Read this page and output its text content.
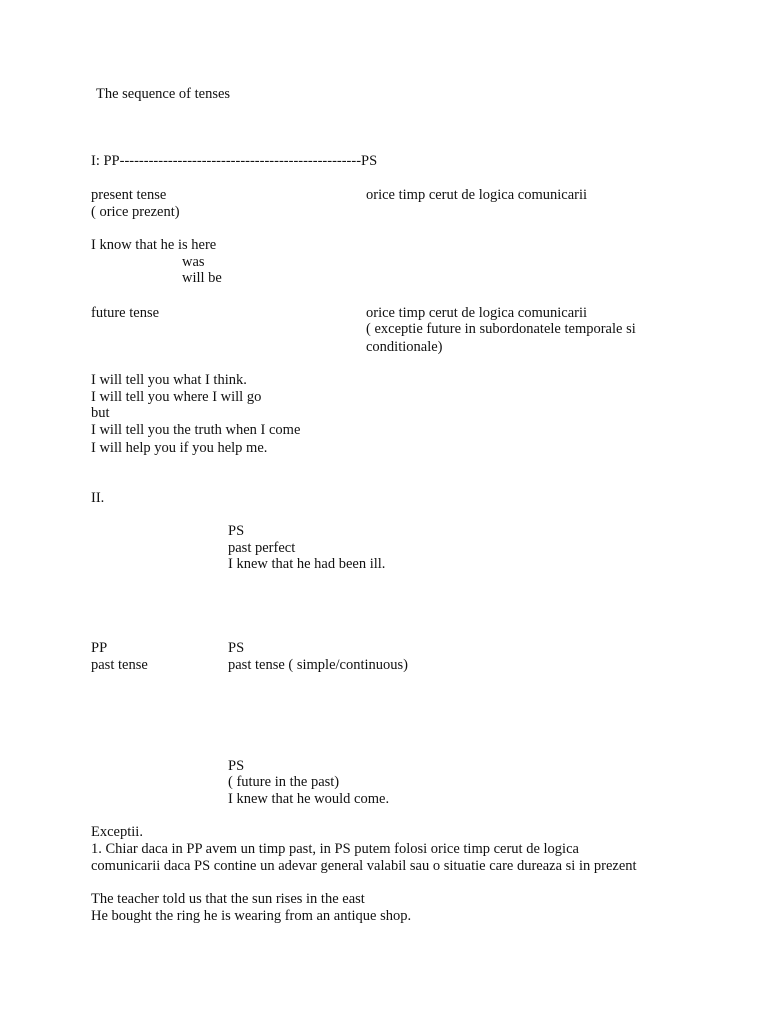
The sequence of tenses
I: PP--------------------------------------------------PS
present tense
( orice prezent)
orice timp cerut de logica comunicarii
I know that he is here
was
will be
future tense	orice timp cerut de logica comunicarii
( exceptie future in subordonatele temporale si
conditionale)
I will tell you what I think.
I will tell you where I will go
but
I will tell you the truth when I come
I will help you if you help me.
II.
PS
past perfect
I knew that he had been ill.
PP
past tense
PS
past tense ( simple/continuous)
PS
( future in the past)
I knew that he would come.
Exceptii.
1. Chiar daca in PP avem un timp past, in PS putem folosi orice timp cerut de logica
comunicarii daca PS contine un adevar general valabil sau o situatie care dureaza si in prezent
The teacher told us that the sun rises in the east
He bought the ring he is wearing from an antique shop.
